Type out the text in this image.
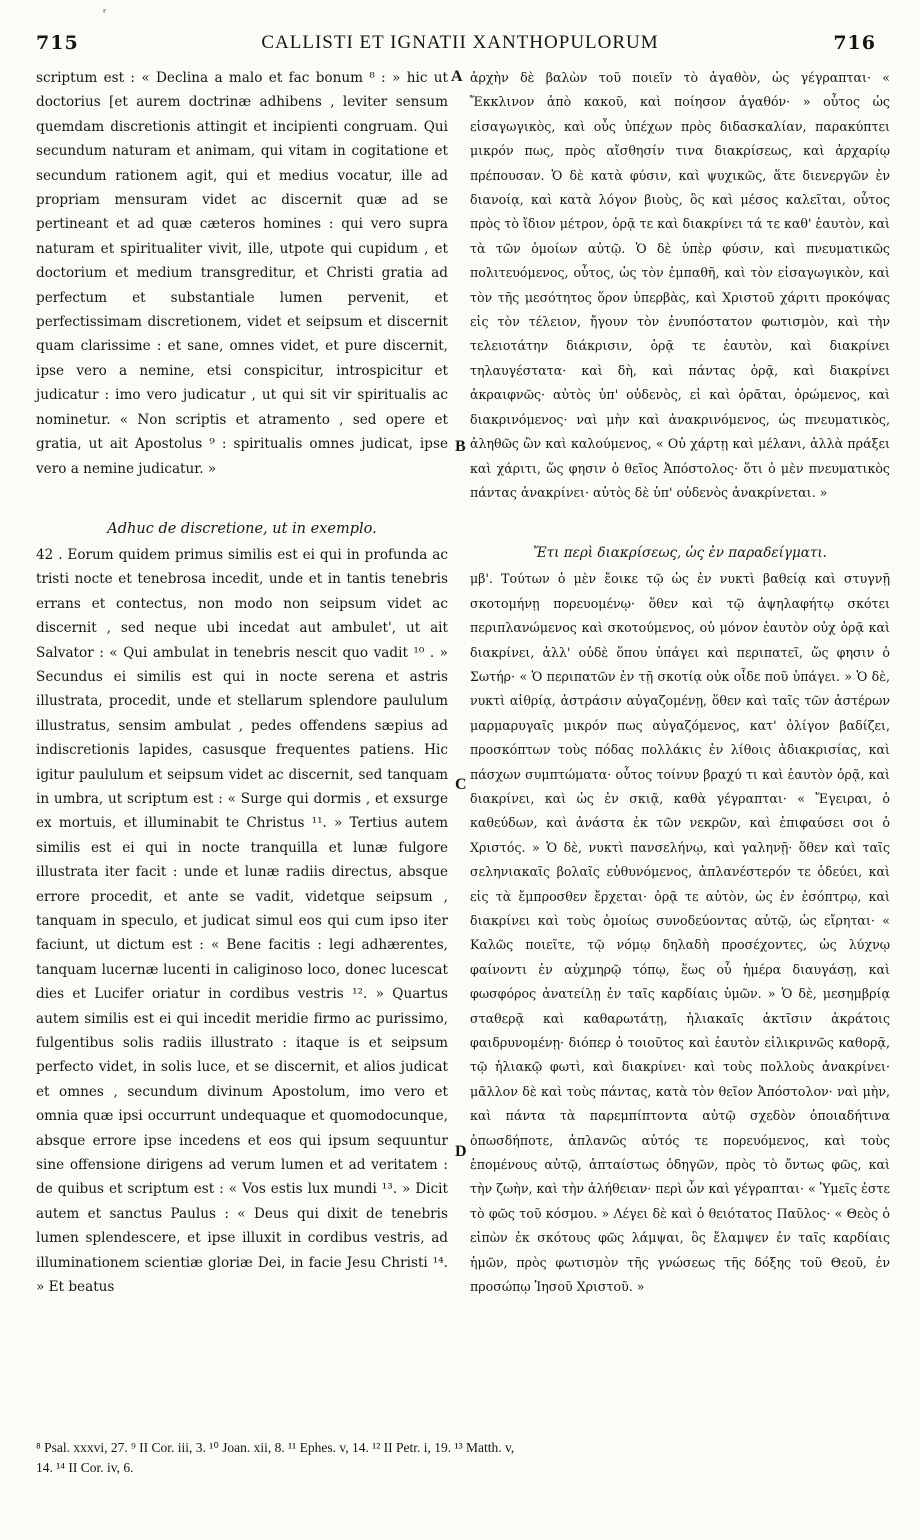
ʳ
715	CALLISTI ET IGNATII XANTHOPULORUM	716

scriptum est : « Declina a malo et fac bonum ⁸ : » hic ut doctorius [et aurem doctrinæ adhibens , leviter sensum quemdam discretionis attingit et incipienti congruam. Qui secundum naturam et animam, qui vitam in cogitatione et secundum rationem agit, qui et medius vocatur, ille ad propriam mensuram videt ac discernit quæ ad se pertineant et ad quæ cæteros homines : qui vero supra naturam et spiritualiter vivit, ille, utpote qui cupidum , et doctorium et medium transgreditur, et Christi gratia ad perfectum et substantiale lumen pervenit, et perfectissimam discretionem, videt et seipsum et discernit quam clarissime : et sane, omnes videt, et pure discernit, ipse vero a nemine, etsi conspicitur, introspicitur et judicatur : imo vero judicatur , ut qui sit vir spiritualis ac nominetur. « Non scriptis et atramento , sed opere et gratia, ut ait Apostolus ⁹ : spiritualis omnes judicat, ipse vero a nemine judicatur. »

Adhuc de discretione, ut in exemplo.

42 . Eorum quidem primus similis est ei qui in profunda ac tristi nocte et tenebrosa incedit, unde et in tantis tenebris errans et contectus, non modo non seipsum videt ac discernit , sed neque ubi incedat aut ambulet', ut ait Salvator : « Qui ambulat in tenebris nescit quo vadit ¹⁰ . » Secundus ei similis est qui in nocte serena et astris illustrata, procedit, unde et stellarum splendore paululum illustratus, sensim ambulat , pedes offendens sæpius ad indiscretionis lapides, casusque frequentes patiens. Hic igitur paululum et seipsum videt ac discernit, sed tanquam in umbra, ut scriptum est : « Surge qui dormis , et exsurge ex mortuis, et illuminabit te Christus ¹¹. » Tertius autem similis est ei qui in nocte tranquilla et lunæ fulgore illustrata iter facit : unde et lunæ radiis directus, absque errore procedit, et ante se vadit, videtque seipsum , tanquam in speculo, et judicat simul eos qui cum ipso iter faciunt, ut dictum est : « Bene facitis : legi adhærentes, tanquam lucernæ lucenti in caliginoso loco, donec lucescat dies et Lucifer oriatur in cordibus vestris ¹². » Quartus autem similis est ei qui incedit meridie firmo ac purissimo, fulgentibus solis radiis illustrato : itaque is et seipsum perfecto videt, in solis luce, et se discernit, et alios judicat et omnes , secundum divinum Apostolum, imo vero et omnia quæ ipsi occurrunt undequaque et quomodocunque, absque errore ipse incedens et eos qui ipsum sequuntur sine offensione dirigens ad verum lumen et ad veritatem : de quibus et scriptum est : « Vos estis lux mundi ¹³. » Dicit autem et sanctus Paulus : « Deus qui dixit de tenebris lumen splendescere, et ipse illuxit in cordibus vestris, ad illuminationem scientiæ gloriæ Dei, in facie Jesu Christi ¹⁴. » Et beatus

ἀρχὴν δὲ βαλὼν τοῦ ποιεῖν τὸ ἀγαθὸν, ὡς γέγραπται· « Ἔκκλινον ἀπὸ κακοῦ, καὶ ποίησον ἀγαθόν· » οὗτος ὡς εἰσαγωγικὸς, καὶ οὖς ὑπέχων πρὸς διδασκαλίαν, παρακύπτει μικρόν πως, πρὸς αἴσθησίν τινα διακρίσεως, καὶ ἀρχαρίῳ πρέπουσαν. Ὁ δὲ κατὰ φύσιν, καὶ ψυχικῶς, ἅτε διενεργῶν ἐν διανοίᾳ, καὶ κατὰ λόγον βιοὺς, ὃς καὶ μέσος καλεῖται, οὗτος πρὸς τὸ ἴδιον μέτρον, ὁρᾷ τε καὶ διακρίνει τά τε καθ' ἑαυτὸν, καὶ τὰ τῶν ὁμοίων αὐτῷ. Ὁ δὲ ὑπὲρ φύσιν, καὶ πνευματικῶς πολιτευόμενος, οὗτος, ὡς τὸν ἐμπαθῆ, καὶ τὸν εἰσαγωγικὸν, καὶ τὸν τῆς μεσότητος ὅρον ὑπερβὰς, καὶ Χριστοῦ χάριτι προκόψας εἰς τὸν τέλειον, ἤγουν τὸν ἐνυπόστατον φωτισμὸν, καὶ τὴν τελειοτάτην διάκρισιν, ὁρᾷ τε ἑαυτὸν, καὶ διακρίνει τηλαυγέστατα· καὶ δὴ, καὶ πάντας ὁρᾷ, καὶ διακρίνει ἀκραιφνῶς· αὐτὸς ὑπ' οὐδενὸς, εἰ καὶ ὁρᾶται, ὁρώμενος, καὶ διακρινόμενος· ναὶ μὴν καὶ ἀνακρινόμενος, ὡς πνευματικὸς, ἀληθῶς ὢν καὶ καλούμενος, « Οὐ χάρτῃ καὶ μέλανι, ἀλλὰ πράξει καὶ χάριτι, ὥς φησιν ὁ θεῖος Ἀπόστολος· ὅτι ὁ μὲν πνευματικὸς πάντας ἀνακρίνει· αὐτὸς δὲ ὑπ' οὐδενὸς ἀνακρίνεται. »

Ἔτι περὶ διακρίσεως, ὡς ἐν παραδείγματι.

μβ'. Τούτων ὁ μὲν ἔοικε τῷ ὡς ἐν νυκτὶ βαθείᾳ καὶ στυγνῇ σκοτομήνῃ πορευομένῳ· ὅθεν καὶ τῷ ἀψηλαφήτῳ σκότει περιπλανώμενος καὶ σκοτούμενος, οὐ μόνον ἑαυτὸν οὐχ ὁρᾷ καὶ διακρίνει, ἀλλ' οὐδὲ ὅπου ὑπάγει καὶ περιπατεῖ, ὥς φησιν ὁ Σωτήρ· « Ὁ περιπατῶν ἐν τῇ σκοτίᾳ οὐκ οἶδε ποῦ ὑπάγει. » Ὁ δὲ, νυκτὶ αἰθρίᾳ, ἀστράσιν αὐγαζομένῃ, ὅθεν καὶ ταῖς τῶν ἀστέρων μαρμαρυγαῖς μικρόν πως αὐγαζόμενος, κατ' ὀλίγον βαδίζει, προσκόπτων τοὺς πόδας πολλάκις ἐν λίθοις ἀδιακρισίας, καὶ πάσχων συμπτώματα· οὗτος τοίνυν βραχύ τι καὶ ἑαυτὸν ὁρᾷ, καὶ διακρίνει, καὶ ὡς ἐν σκιᾷ, καθὰ γέγραπται· « Ἔγειραι, ὁ καθεύδων, καὶ ἀνάστα ἐκ τῶν νεκρῶν, καὶ ἐπιφαύσει σοι ὁ Χριστός. » Ὁ δὲ, νυκτὶ πανσελήνῳ, καὶ γαληνῇ· ὅθεν καὶ ταῖς σεληνιακαῖς βολαῖς εὐθυνόμενος, ἀπλανέστερόν τε ὁδεύει, καὶ εἰς τὰ ἔμπροσθεν ἔρχεται· ὁρᾷ τε αὐτὸν, ὡς ἐν ἐσόπτρῳ, καὶ διακρίνει καὶ τοὺς ὁμοίως συνοδεύοντας αὐτῷ, ὡς εἴρηται· « Καλῶς ποιεῖτε, τῷ νόμῳ δηλαδὴ προσέχοντες, ὡς λύχνῳ φαίνοντι ἐν αὐχμηρῷ τόπῳ, ἕως οὗ ἡμέρα διαυγάσῃ, καὶ φωσφόρος ἀνατείλῃ ἐν ταῖς καρδίαις ὑμῶν. » Ὁ δὲ, μεσημβρίᾳ σταθερᾷ καὶ καθαρωτάτῃ, ἡλιακαῖς ἀκτῖσιν ἀκράτοις φαιδρυνομένῃ· διόπερ ὁ τοιοῦτος καὶ ἑαυτὸν εἰλικρινῶς καθορᾷ, τῷ ἡλιακῷ φωτὶ, καὶ διακρίνει· καὶ τοὺς πολλοὺς ἀνακρίνει· μᾶλλον δὲ καὶ τοὺς πάντας, κατὰ τὸν θεῖον Ἀπόστολον· ναὶ μὴν, καὶ πάντα τὰ παρεμπίπτοντα αὐτῷ σχεδὸν ὁποιαδήτινα ὁπωσδήποτε, ἀπλανῶς αὐτός τε πορευόμενος, καὶ τοὺς ἑπομένους αὐτῷ, ἀπταίστως ὁδηγῶν, πρὸς τὸ ὄντως φῶς, καὶ τὴν ζωὴν, καὶ τὴν ἀλήθειαν· περὶ ὧν καὶ γέγραπται· « Ὑμεῖς ἐστε τὸ φῶς τοῦ κόσμου. » Λέγει δὲ καὶ ὁ θειότατος Παῦλος· « Θεὸς ὁ εἰπὼν ἐκ σκότους φῶς λάμψαι, ὃς ἔλαμψεν ἐν ταῖς καρδίαις ἡμῶν, πρὸς φωτισμὸν τῆς γνώσεως τῆς δόξης τοῦ Θεοῦ, ἐν προσώπῳ Ἰησοῦ Χριστοῦ. »

A
B
C
D
⁸ Psal. xxxvi, 27. ⁹ II Cor. iii, 3. ¹⁰ Joan. xii, 8. ¹¹ Ephes. v, 14. ¹² II Petr. i, 19. ¹³ Matth. v,
14. ¹⁴ II Cor. iv, 6.
